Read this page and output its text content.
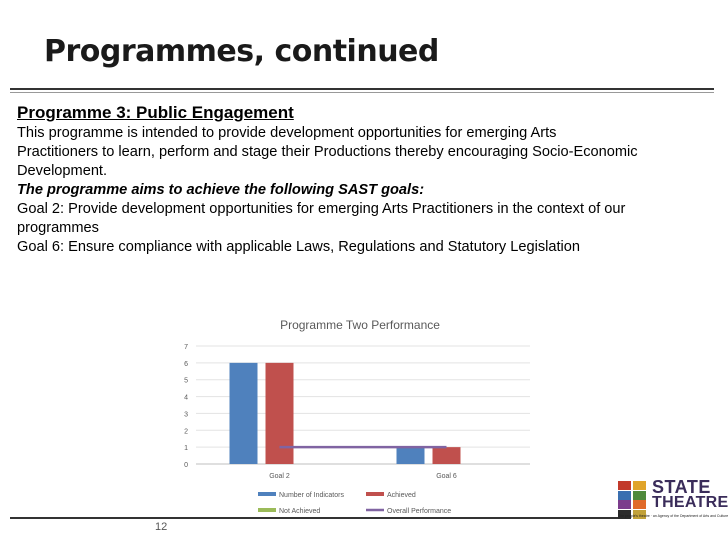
Programmes, continued
Programme 3: Public Engagement
This programme is intended to provide development opportunities for emerging Arts
Practitioners to learn, perform and stage their Productions thereby encouraging Socio-Economic
Development.
The programme aims to achieve the following SAST goals:
Goal 2: Provide development opportunities for emerging Arts Practitioners in the context of our
programmes
Goal 6: Ensure compliance with applicable Laws, Regulations and Statutory Legislation
Programme Two Performance
0
1
2
3
4
5
6
7
Goal 2	Goal 6
Number of Indicators	Achieved
Not Achieved	Overall Performance
12
STATE
THEATRE
The people's theatre · an Agency of the Department of Arts and Culture
